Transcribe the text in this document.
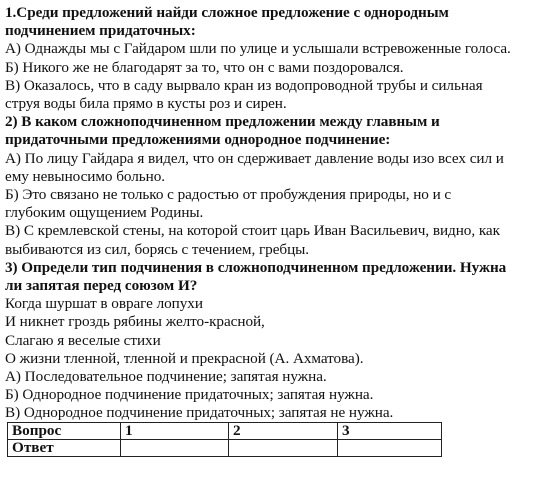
1.Среди предложений найди сложное предложение с однородным
подчинением придаточных:
А) Однажды мы с Гайдаром шли по улице и услышали встревоженные голоса.
Б) Никого же не благодарят за то, что он с вами поздоровался.
В) Оказалось, что в саду вырвало кран из водопроводной трубы и сильная
струя воды била прямо в кусты роз и сирен.
2) В каком сложноподчиненном предложении между главным и
придаточными предложениями однородное подчинение:
А) По лицу Гайдара я видел, что он сдерживает давление воды изо всех сил и
ему невыносимо больно.
Б) Это связано не только с радостью от пробуждения природы, но и с
глубоким ощущением Родины.
В) С кремлевской стены, на которой стоит царь Иван Васильевич, видно, как
выбиваются из сил, борясь с течением, гребцы.
3) Определи тип подчинения в сложноподчиненном предложении. Нужна
ли запятая перед союзом И?
Когда шуршат в овраге лопухи
И никнет гроздь рябины желто-красной,
Слагаю я веселые стихи
О жизни тленной, тленной и прекрасной (А. Ахматова).
А) Последовательное подчинение; запятая нужна.
Б) Однородное подчинение придаточных; запятая нужна.
В) Однородное подчинение придаточных; запятая не нужна.
Вопрос	1	2	3
Ответ			
